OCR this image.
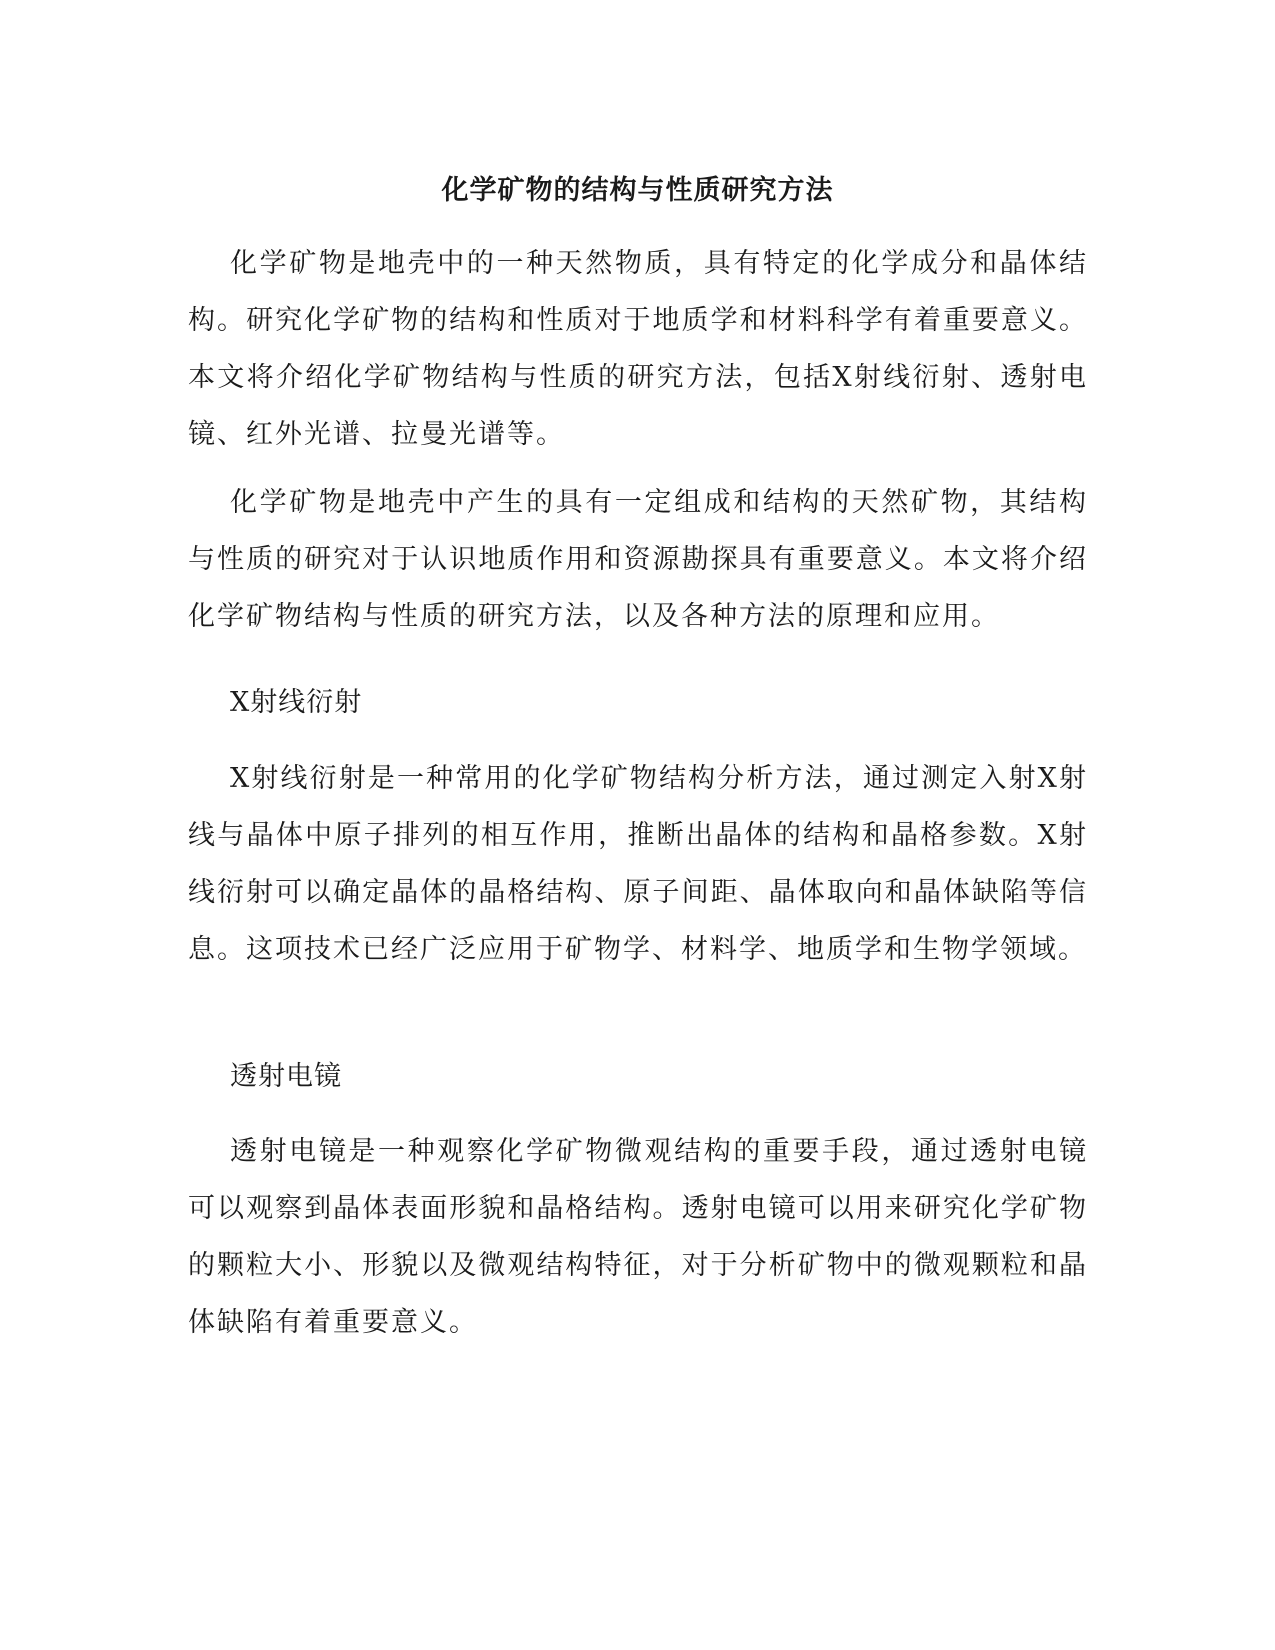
化学矿物的结构与性质研究方法

化学矿物是地壳中的一种天然物质，具有特定的化学成分和晶体结构。研究化学矿物的结构和性质对于地质学和材料科学有着重要意义。本文将介绍化学矿物结构与性质的研究方法，包括X射线衍射、透射电镜、红外光谱、拉曼光谱等。

化学矿物是地壳中产生的具有一定组成和结构的天然矿物，其结构与性质的研究对于认识地质作用和资源勘探具有重要意义。本文将介绍化学矿物结构与性质的研究方法，以及各种方法的原理和应用。

X射线衍射

X射线衍射是一种常用的化学矿物结构分析方法，通过测定入射X射线与晶体中原子排列的相互作用，推断出晶体的结构和晶格参数。X射线衍射可以确定晶体的晶格结构、原子间距、晶体取向和晶体缺陷等信息。这项技术已经广泛应用于矿物学、材料学、地质学和生物学领域。

透射电镜

透射电镜是一种观察化学矿物微观结构的重要手段，通过透射电镜可以观察到晶体表面形貌和晶格结构。透射电镜可以用来研究化学矿物的颗粒大小、形貌以及微观结构特征，对于分析矿物中的微观颗粒和晶体缺陷有着重要意义。
